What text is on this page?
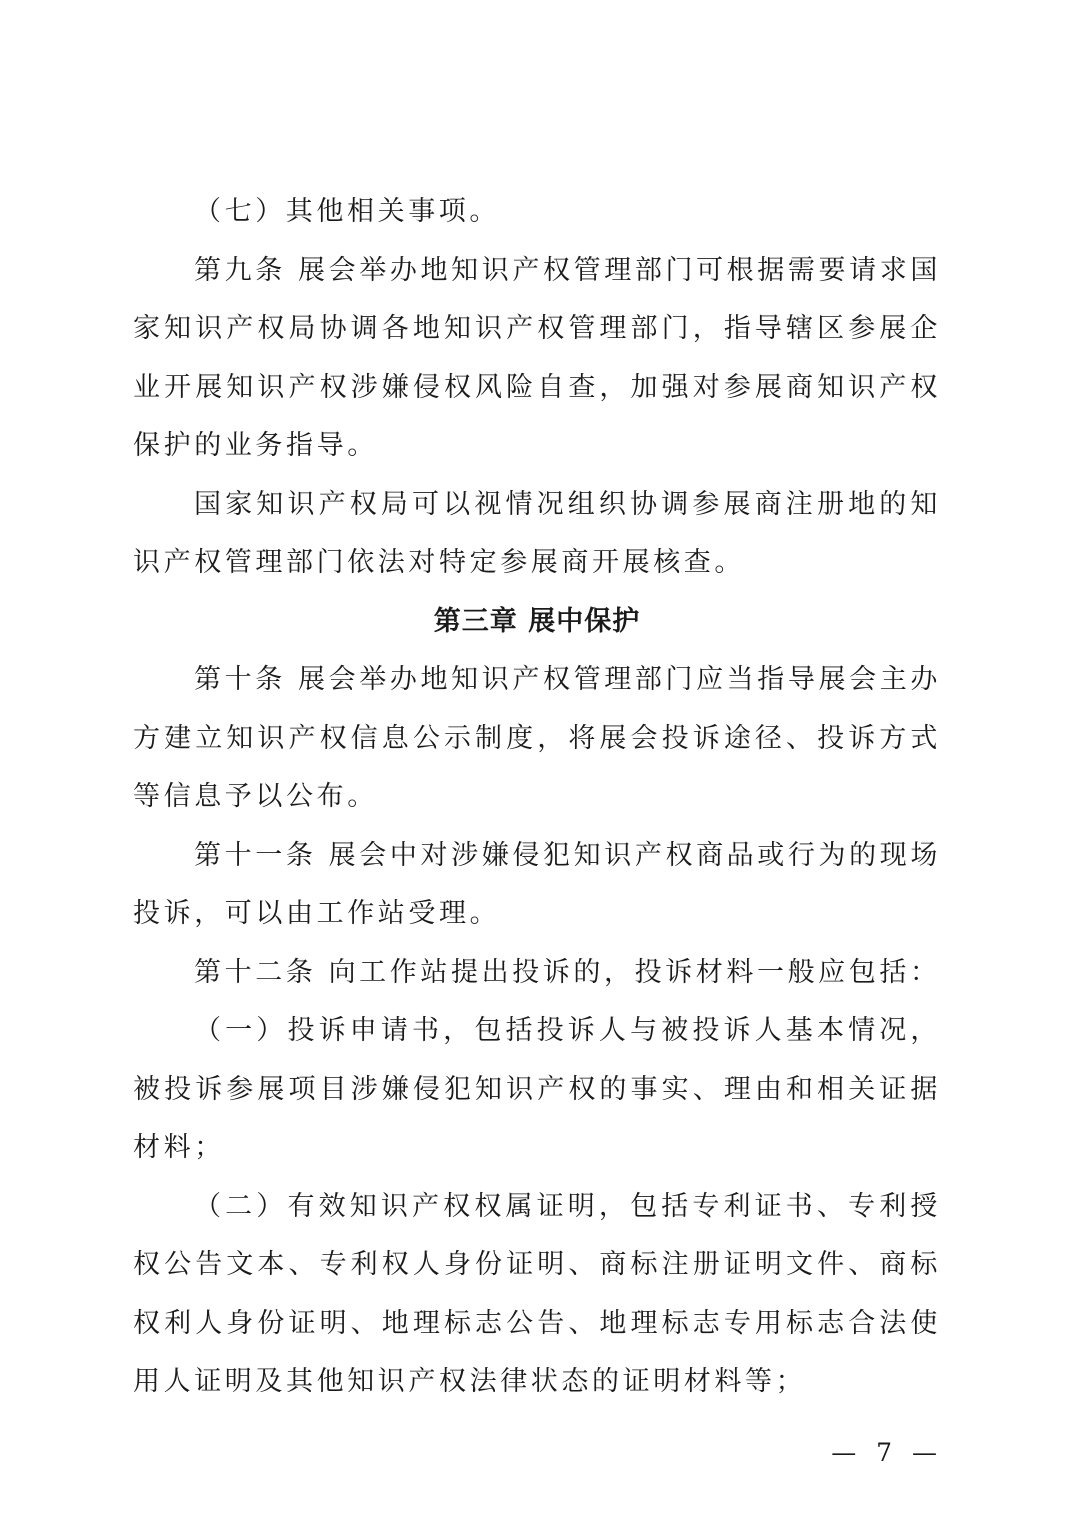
（七）其他相关事项。

第九条 展会举办地知识产权管理部门可根据需要请求国家知识产权局协调各地知识产权管理部门，指导辖区参展企业开展知识产权涉嫌侵权风险自查，加强对参展商知识产权保护的业务指导。

国家知识产权局可以视情况组织协调参展商注册地的知识产权管理部门依法对特定参展商开展核查。

第三章 展中保护

第十条 展会举办地知识产权管理部门应当指导展会主办方建立知识产权信息公示制度，将展会投诉途径、投诉方式等信息予以公布。

第十一条 展会中对涉嫌侵犯知识产权商品或行为的现场投诉，可以由工作站受理。

第十二条 向工作站提出投诉的，投诉材料一般应包括：

（一）投诉申请书，包括投诉人与被投诉人基本情况，被投诉参展项目涉嫌侵犯知识产权的事实、理由和相关证据材料；

（二）有效知识产权权属证明，包括专利证书、专利授权公告文本、专利权人身份证明、商标注册证明文件、商标权利人身份证明、地理标志公告、地理标志专用标志合法使用人证明及其他知识产权法律状态的证明材料等；

— 7 —
